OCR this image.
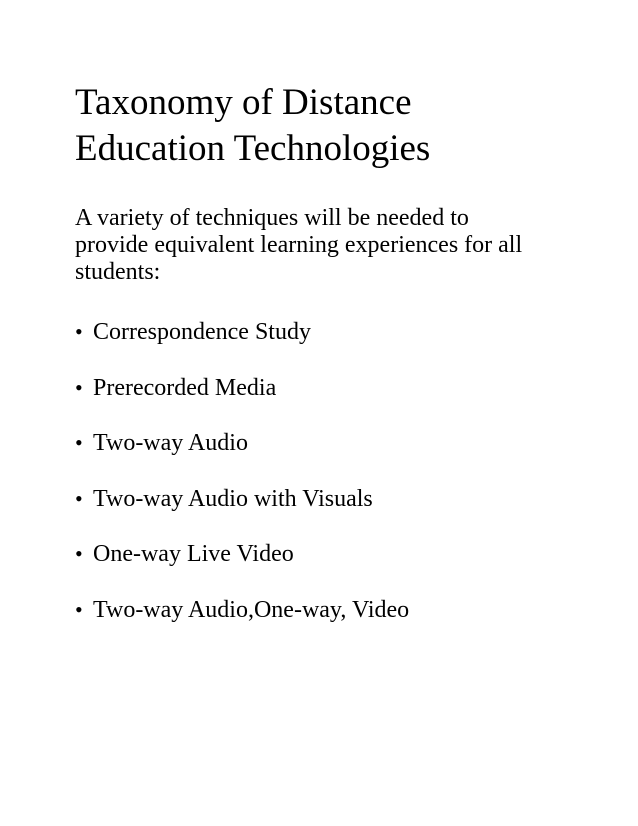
Taxonomy of Distance
Education Technologies

A variety of techniques will be needed to
provide equivalent learning experiences for all
students:

• Correspondence Study
• Prerecorded Media
• Two-way Audio
• Two-way Audio with Visuals
• One-way Live Video
• Two-way Audio,One-way, Video
